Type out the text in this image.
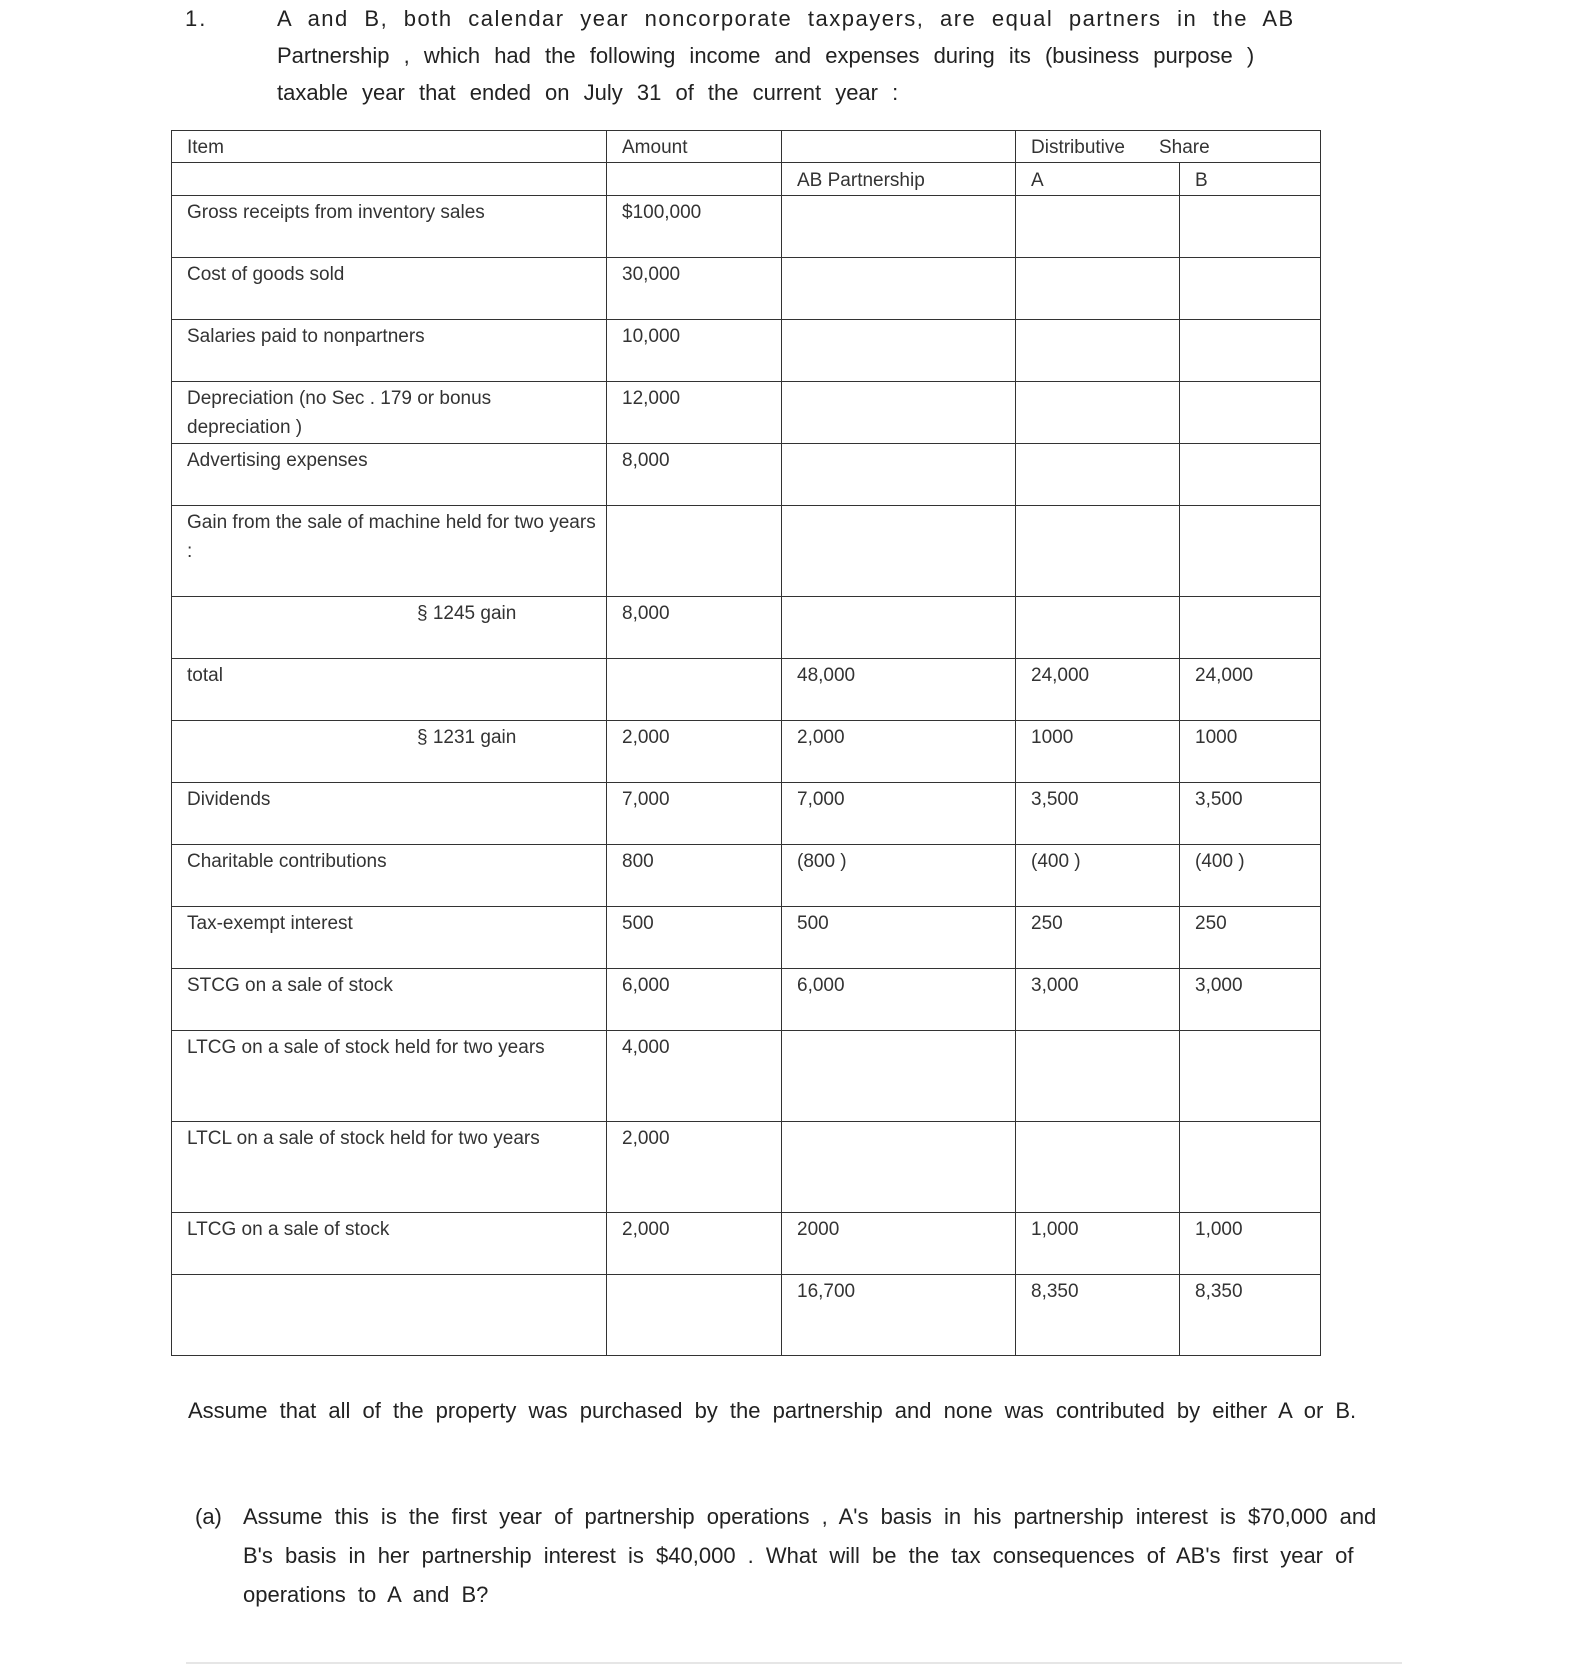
1.	A and B, both calendar year noncorporate taxpayers, are equal partners in the AB
Partnership , which had the following income and expenses during its (business purpose )
taxable year that ended on July 31 of the current year :
Item	Amount		Distributive Share	

		AB Partnership	A	B
Gross receipts from inventory sales	$100,000			
Cost of goods sold	30,000			
Salaries paid to nonpartners	10,000			
Depreciation (no Sec . 179 or bonus depreciation )	12,000			
Advertising expenses	8,000			
Gain from the sale of machine held for two years :				
§ 1245 gain	8,000			
total		48,000	24,000	24,000
§ 1231 gain	2,000	2,000	1000	1000
Dividends	7,000	7,000	3,500	3,500
Charitable contributions	800	(800 )	(400 )	(400 )
Tax-exempt interest	500	500	250	250
STCG on a sale of stock	6,000	6,000	3,000	3,000
LTCG on a sale of stock held for two years	4,000			
LTCL on a sale of stock held for two years	2,000			
LTCG on a sale of stock	2,000	2000	1,000	1,000
		16,700	8,350	8,350
Assume that all of the property was purchased by the partnership and none was contributed by either A or B.
(a) Assume this is the first year of partnership operations , A's basis in his partnership interest is $70,000 and B's basis in her partnership interest is $40,000 . What will be the tax consequences of AB's first year of operations to A and B?
